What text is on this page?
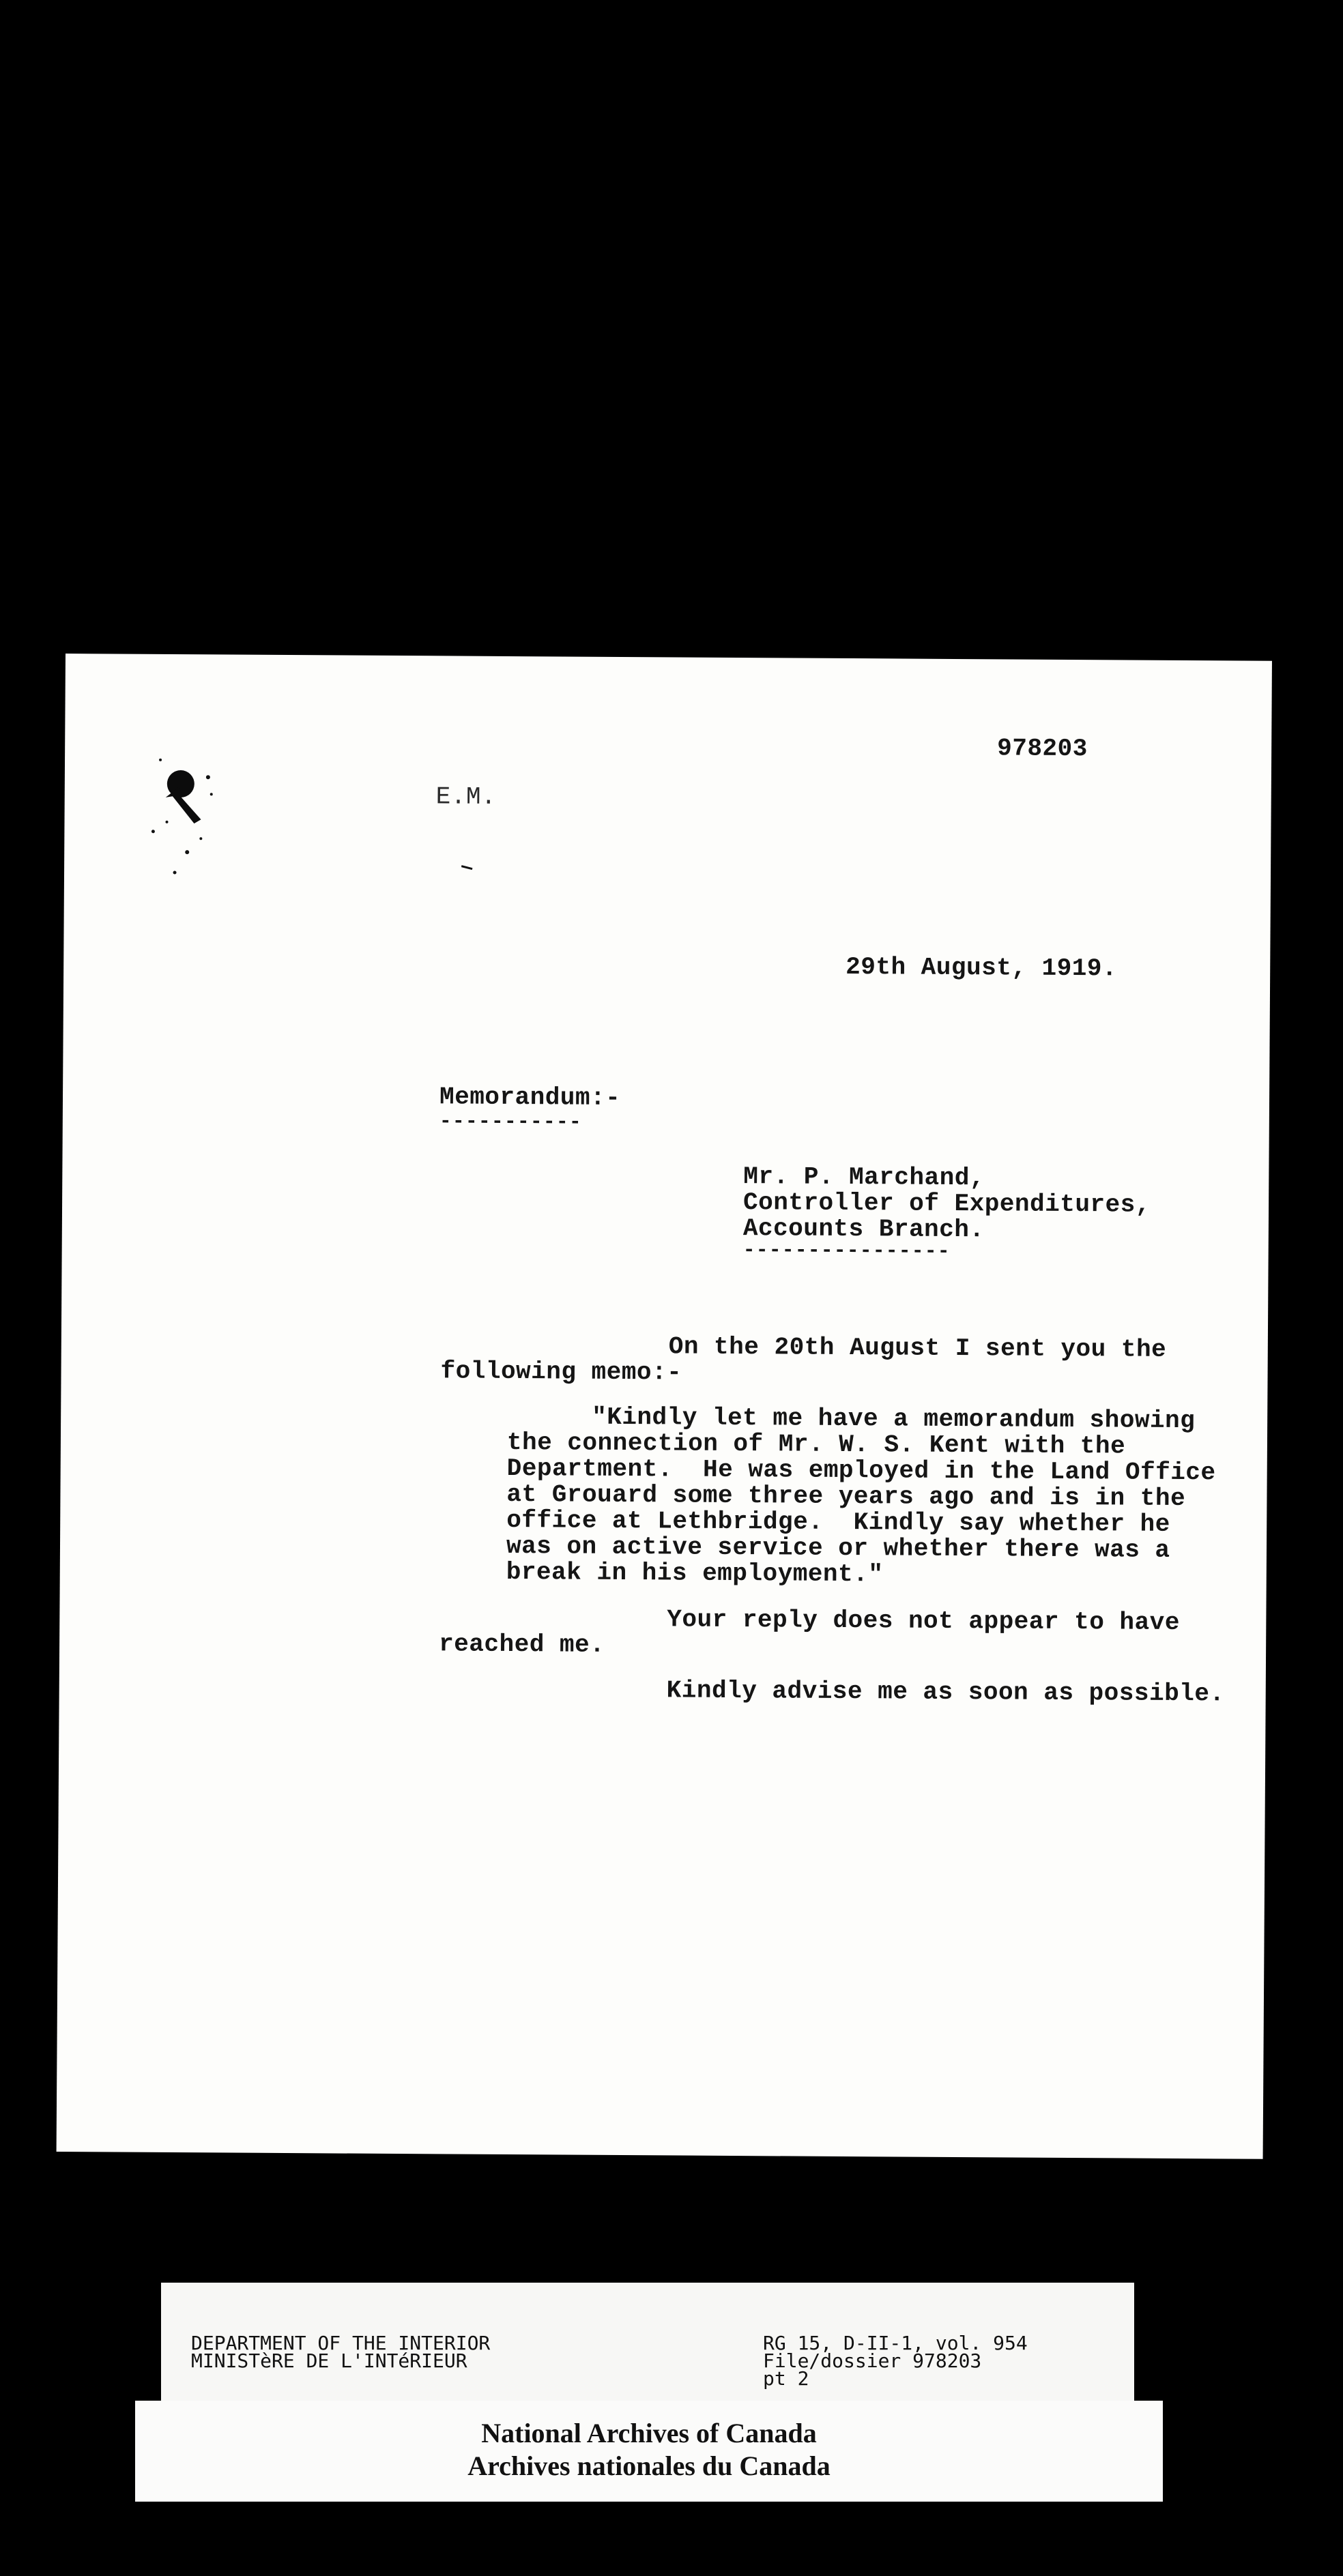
978203
E.M.
29th August, 1919.
Memorandum:-
-----------
Mr. P. Marchand,
Controller of Expenditures,
Accounts Branch.
----------------
On the 20th August I sent you the
following memo:-
"Kindly let me have a memorandum showing
the connection of Mr. W. S. Kent with the
Department.  He was employed in the Land Office
at Grouard some three years ago and is in the
office at Lethbridge.  Kindly say whether he
was on active service or whether there was a
break in his employment."
Your reply does not appear to have
reached me.
Kindly advise me as soon as possible.
DEPARTMENT OF THE INTERIOR
MINISTèRE DE L'INTéRIEUR
RG 15, D-II-1, vol. 954
File/dossier 978203
pt 2
National Archives of Canada
Archives nationales du Canada
